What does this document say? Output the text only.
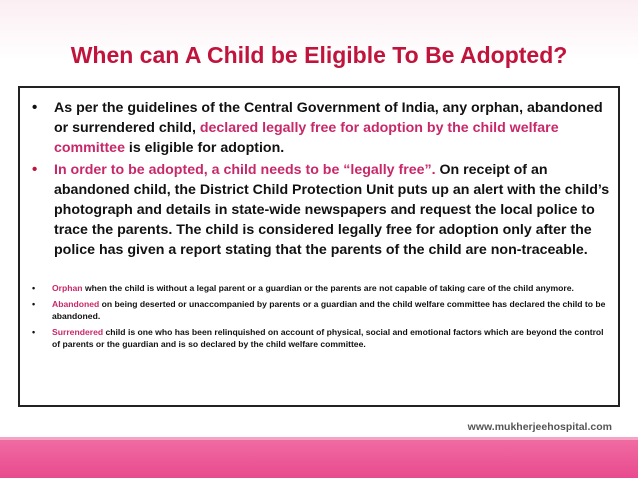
When can A Child be Eligible To Be Adopted?
• As per the guidelines of the Central Government of India, any orphan, abandoned or surrendered child, declared legally free for adoption by the child welfare committee is eligible for adoption.
• In order to be adopted, a child needs to be “legally free”. On receipt of an abandoned child, the District Child Protection Unit puts up an alert with the child’s photograph and details in state-wide newspapers and request the local police to trace the parents. The child is considered legally free for adoption only after the police has given a report stating that the parents of the child are non-traceable.
• Orphan when the child is without a legal parent or a guardian or the parents are not capable of taking care of the child anymore.
• Abandoned on being deserted or unaccompanied by parents or a guardian and the child welfare committee has declared the child to be abandoned.
• Surrendered child is one who has been relinquished on account of physical, social and emotional factors which are beyond the control of parents or the guardian and is so declared by the child welfare committee.
www.mukherjeehospital.com
